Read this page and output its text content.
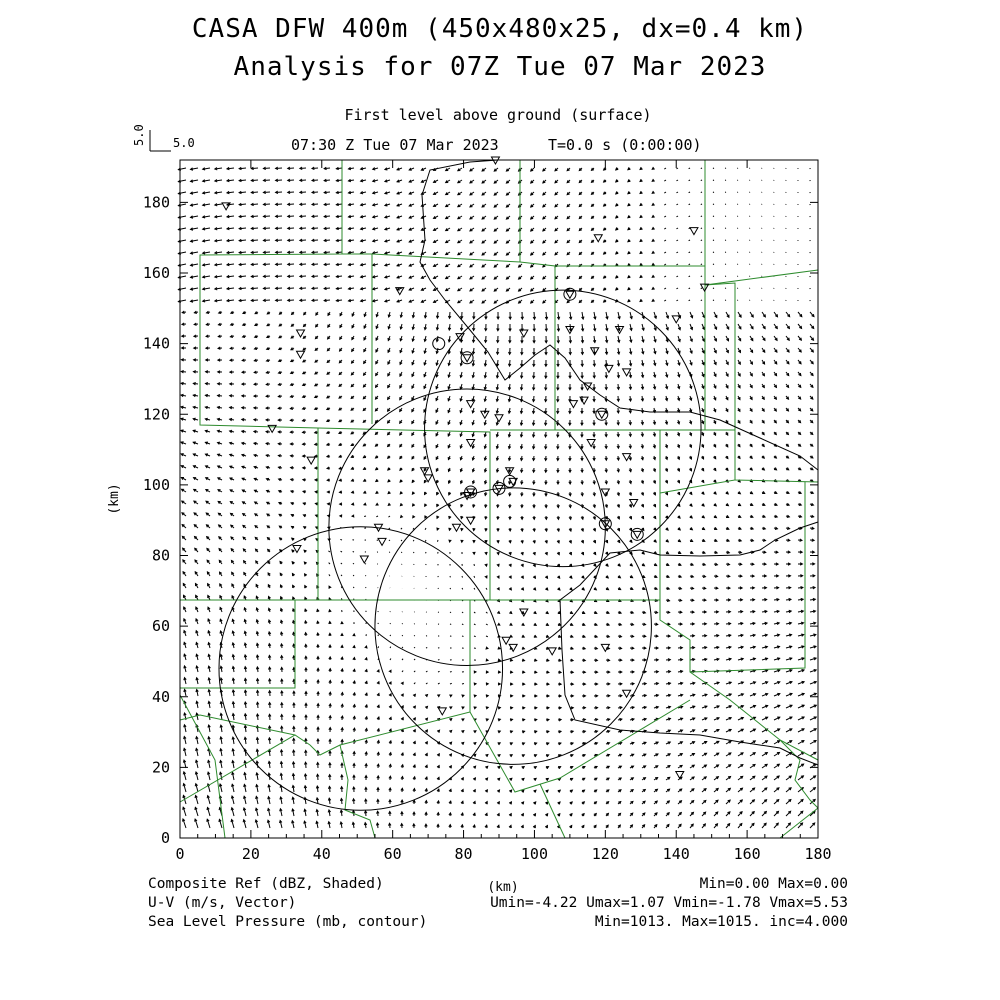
CASA DFW 400m (450x480x25, dx=0.4 km)
Analysis for 07Z Tue 07 Mar 2023
First level above ground (surface)
07:30 Z Tue 07 Mar 2023	T=0.0 s (0:00:00)
5.0 5.0
0	20	40	60	80	100	120	140	160	180
0
20
40
60
80
100
120
140
160
180
(km)
(km)
Composite Ref (dBZ, Shaded)	Min=0.00 Max=0.00
U-V (m/s, Vector)	Umin=-4.22 Umax=1.07 Vmin=-1.78 Vmax=5.53
Sea Level Pressure (mb, contour)	Min=1013. Max=1015. inc=4.000
